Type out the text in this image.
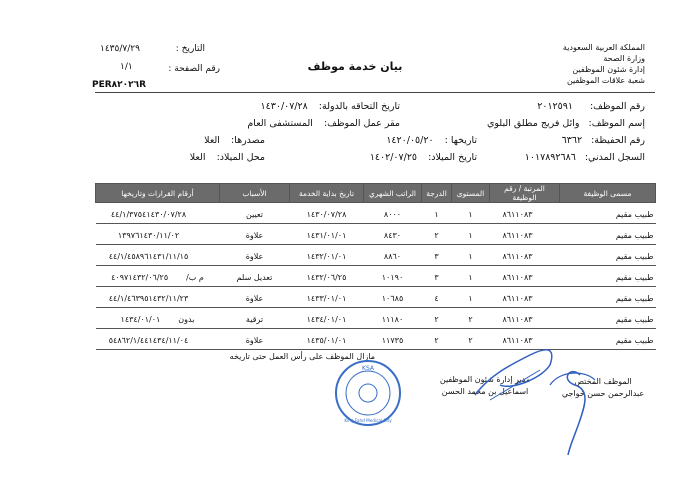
المملكة العربية السعودية
وزارة الصحة
إدارة شئون الموظفين
شعبة علاقات الموظفين
بيان خدمة موظف
التاريخ :
١٤٣٥/٧/٢٩
رقم الصفحة :
١/١
PER٨٢٠٢٦R
رقم الموظف: ٢٠١٢٥٩١
إسم الموظف: وائل فريج مطلق البلوي
رقم الحفيظة: ٦٣٦٢
السجل المدني: ١٠١٧٨٩٢٦٨٦
تاريخ التحاقه بالدولة: ١٤٣٠/٠٧/٢٨
مقر عمل الموظف: المستشفى العام
تاريخها : ١٤٢٠/٠٥/٢٠
تاريخ الميلاد: ١٤٠٢/٠٧/٢٥
مصدرها: العلا
محل الميلاد: العلا
مسمى الوظيفة	المرتبة / رقم الوظيفة	المستوى	الدرجة	الراتب الشهري	تاريخ بداية الخدمة	الأسباب	أرقام القرارات وتاريخها

طبيب مقيم	٨٦١١٠٨٣	١	١	٨٠٠٠	١٤٣٠/٠٧/٢٨	تعيين	٤٤/١/٣٧٥٤١٤٣٠/٠٧/٢٨

طبيب مقيم	٨٦١١٠٨٣	١	٢	٨٤٣٠	١٤٣١/٠١/٠١	علاوة	١٣٩٧٦١٤٣٠/١١/٠٢

طبيب مقيم	٨٦١١٠٨٣	١	٣	٨٨٦٠	١٤٣٢/٠١/٠١	علاوة	٤٤/١/٤٥٨٩٦١٤٣١/١١/١٥

طبيب مقيم	٨٦١١٠٨٣	١	٣	١٠١٩٠	١٤٣٢/٠٦/٢٥	تعديل سلم	م ب/٤٠٩٧١٤٣٢/٠٦/٢٥

طبيب مقيم	٨٦١١٠٨٣	١	٤	١٠٦٨٥	١٤٣٣/٠١/٠١	علاوة	٤٤/١/٤٦٣٩٥١٤٣٢/١١/٢٣

طبيب مقيم	٨٦١١٠٨٣	٢	٢	١١١٨٠	١٤٣٤/٠١/٠١	ترقية	بدون١٤٣٤/٠١/٠١

طبيب مقيم	٨٦١١٠٨٣	٢	٢	١١٧٣٥	١٤٣٥/٠١/٠١	علاوة	٥٤٨٦٢/١/٤٤١٤٣٤/١١/٠٤
مازال الموظف على رأس العمل حتى تاريخه
مدير إدارة شئون الموظفين
اسماعيل بن محمد الحسن
الموظف المختص
عبدالرحمن حسن خواجي
KSA
King Fahd Medical City
